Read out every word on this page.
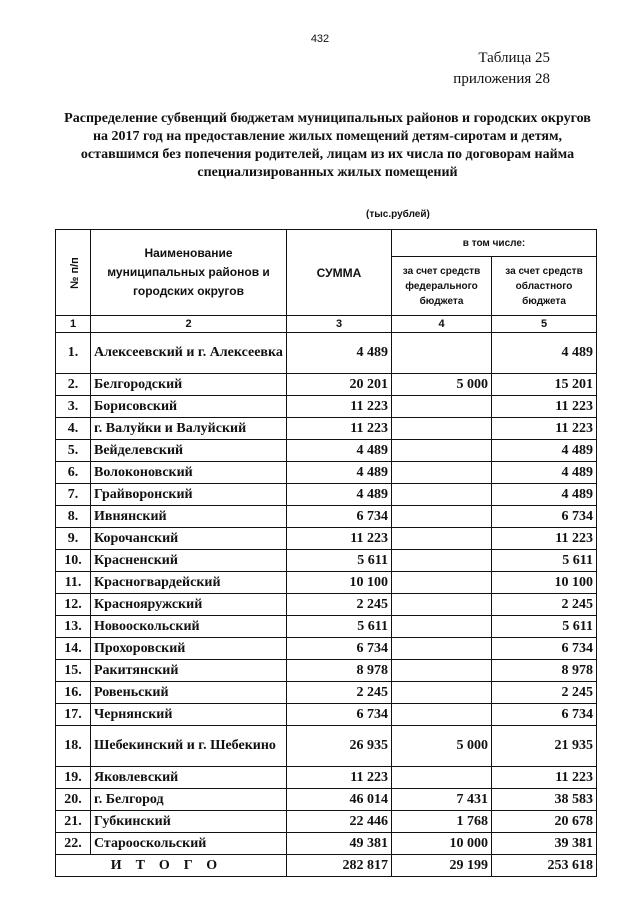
432
Таблица 25
приложения 28
Распределение субвенций бюджетам муниципальных районов и городских округов на 2017 год на предоставление жилых помещений детям-сиротам и детям, оставшимся без попечения родителей, лицам из их числа по договорам найма специализированных жилых помещений
(тыс.рублей)
№ п/п	Наименование муниципальных районов и городских округов	СУММА	в том числе:	
			за счет средств федерального бюджета	за счет средств областного бюджета
1	2	3	4	5
1.	Алексеевский и г. Алексеевка	4 489		4 489
2.	Белгородский	20 201	5 000	15 201
3.	Борисовский	11 223		11 223
4.	г. Валуйки и Валуйский	11 223		11 223
5.	Вейделевский	4 489		4 489
6.	Волоконовский	4 489		4 489
7.	Грайворонский	4 489		4 489
8.	Ивнянский	6 734		6 734
9.	Корочанский	11 223		11 223
10.	Красненский	5 611		5 611
11.	Красногвардейский	10 100		10 100
12.	Краснояружский	2 245		2 245
13.	Новооскольский	5 611		5 611
14.	Прохоровский	6 734		6 734
15.	Ракитянский	8 978		8 978
16.	Ровеньский	2 245		2 245
17.	Чернянский	6 734		6 734
18.	Шебекинский и г. Шебекино	26 935	5 000	21 935
19.	Яковлевский	11 223		11 223
20.	г. Белгород	46 014	7 431	38 583
21.	Губкинский	22 446	1 768	20 678
22.	Старооскольский	49 381	10 000	39 381
ИТОГО		282 817	29 199	253 618
